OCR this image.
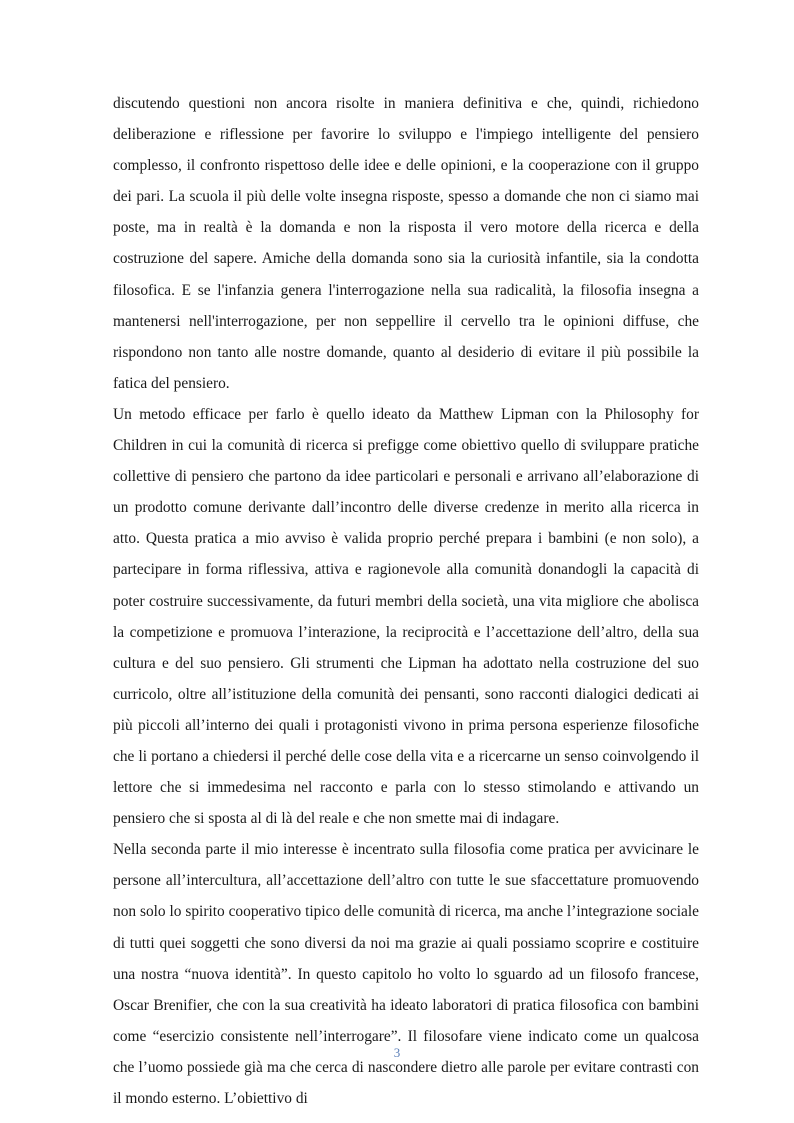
discutendo questioni non ancora risolte in maniera definitiva e che, quindi, richiedono deliberazione e riflessione per favorire lo sviluppo e l'impiego intelligente del pensiero complesso, il confronto rispettoso delle idee e delle opinioni, e la cooperazione con il gruppo dei pari. La scuola il più delle volte insegna risposte, spesso a domande che non ci siamo mai poste, ma in realtà è la domanda e non la risposta il vero motore della ricerca e della costruzione del sapere. Amiche della domanda sono sia la curiosità infantile, sia la condotta filosofica. E se l'infanzia genera l'interrogazione nella sua radicalità, la filosofia insegna a mantenersi nell'interrogazione, per non seppellire il cervello tra le opinioni diffuse, che rispondono non tanto alle nostre domande, quanto al desiderio di evitare il più possibile la fatica del pensiero.

Un metodo efficace per farlo è quello ideato da Matthew Lipman con la Philosophy for Children in cui la comunità di ricerca si prefigge come obiettivo quello di sviluppare pratiche collettive di pensiero che partono da idee particolari e personali e arrivano all’elaborazione di un prodotto comune derivante dall’incontro delle diverse credenze in merito alla ricerca in atto. Questa pratica a mio avviso è valida proprio perché prepara i bambini (e non solo), a partecipare in forma riflessiva, attiva e ragionevole alla comunità donandogli la capacità di poter costruire successivamente, da futuri membri della società, una vita migliore che abolisca la competizione e promuova l’interazione, la reciprocità e l’accettazione dell’altro, della sua cultura e del suo pensiero. Gli strumenti che Lipman ha adottato nella costruzione del suo curricolo, oltre all’istituzione della comunità dei pensanti, sono racconti dialogici dedicati ai più piccoli all’interno dei quali i protagonisti vivono in prima persona esperienze filosofiche che li portano a chiedersi il perché delle cose della vita e a ricercarne un senso coinvolgendo il lettore che si immedesima nel racconto e parla con lo stesso stimolando e attivando un pensiero che si sposta al di là del reale e che non smette mai di indagare.

Nella seconda parte il mio interesse è incentrato sulla filosofia come pratica per avvicinare le persone all’intercultura, all’accettazione dell’altro con tutte le sue sfaccettature promuovendo non solo lo spirito cooperativo tipico delle comunità di ricerca, ma anche l’integrazione sociale di tutti quei soggetti che sono diversi da noi ma grazie ai quali possiamo scoprire e costituire una nostra “nuova identità”. In questo capitolo ho volto lo sguardo ad un filosofo francese, Oscar Brenifier, che con la sua creatività ha ideato laboratori di pratica filosofica con bambini come “esercizio consistente nell’interrogare”. Il filosofare viene indicato come un qualcosa che l’uomo possiede già ma che cerca di nascondere dietro alle parole per evitare contrasti con il mondo esterno. L’obiettivo di

3
